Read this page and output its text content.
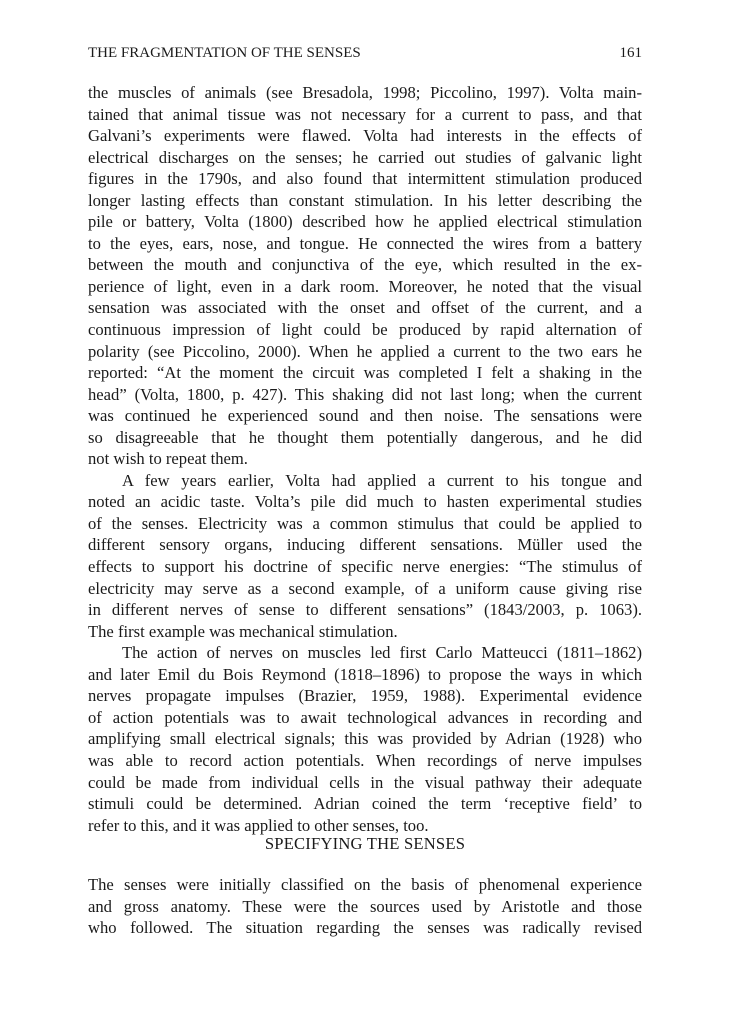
THE FRAGMENTATION OF THE SENSES	161
the muscles of animals (see Bresadola, 1998; Piccolino, 1997). Volta main-
tained that animal tissue was not necessary for a current to pass, and that
Galvani’s experiments were flawed. Volta had interests in the effects of
electrical discharges on the senses; he carried out studies of galvanic light
figures in the 1790s, and also found that intermittent stimulation produced
longer lasting effects than constant stimulation. In his letter describing the
pile or battery, Volta (1800) described how he applied electrical stimulation
to the eyes, ears, nose, and tongue. He connected the wires from a battery
between the mouth and conjunctiva of the eye, which resulted in the ex-
perience of light, even in a dark room. Moreover, he noted that the visual
sensation was associated with the onset and offset of the current, and a
continuous impression of light could be produced by rapid alternation of
polarity (see Piccolino, 2000). When he applied a current to the two ears he
reported: “At the moment the circuit was completed I felt a shaking in the
head” (Volta, 1800, p. 427). This shaking did not last long; when the current
was continued he experienced sound and then noise. The sensations were
so disagreeable that he thought them potentially dangerous, and he did
not wish to repeat them.
A few years earlier, Volta had applied a current to his tongue and
noted an acidic taste. Volta’s pile did much to hasten experimental studies
of the senses. Electricity was a common stimulus that could be applied to
different sensory organs, inducing different sensations. Müller used the
effects to support his doctrine of specific nerve energies: “The stimulus of
electricity may serve as a second example, of a uniform cause giving rise
in different nerves of sense to different sensations” (1843/2003, p. 1063).
The first example was mechanical stimulation.
The action of nerves on muscles led first Carlo Matteucci (1811–1862)
and later Emil du Bois Reymond (1818–1896) to propose the ways in which
nerves propagate impulses (Brazier, 1959, 1988). Experimental evidence
of action potentials was to await technological advances in recording and
amplifying small electrical signals; this was provided by Adrian (1928) who
was able to record action potentials. When recordings of nerve impulses
could be made from individual cells in the visual pathway their adequate
stimuli could be determined. Adrian coined the term ‘receptive field’ to
refer to this, and it was applied to other senses, too.
SPECIFYING THE SENSES
The senses were initially classified on the basis of phenomenal experience
and gross anatomy. These were the sources used by Aristotle and those
who followed. The situation regarding the senses was radically revised
